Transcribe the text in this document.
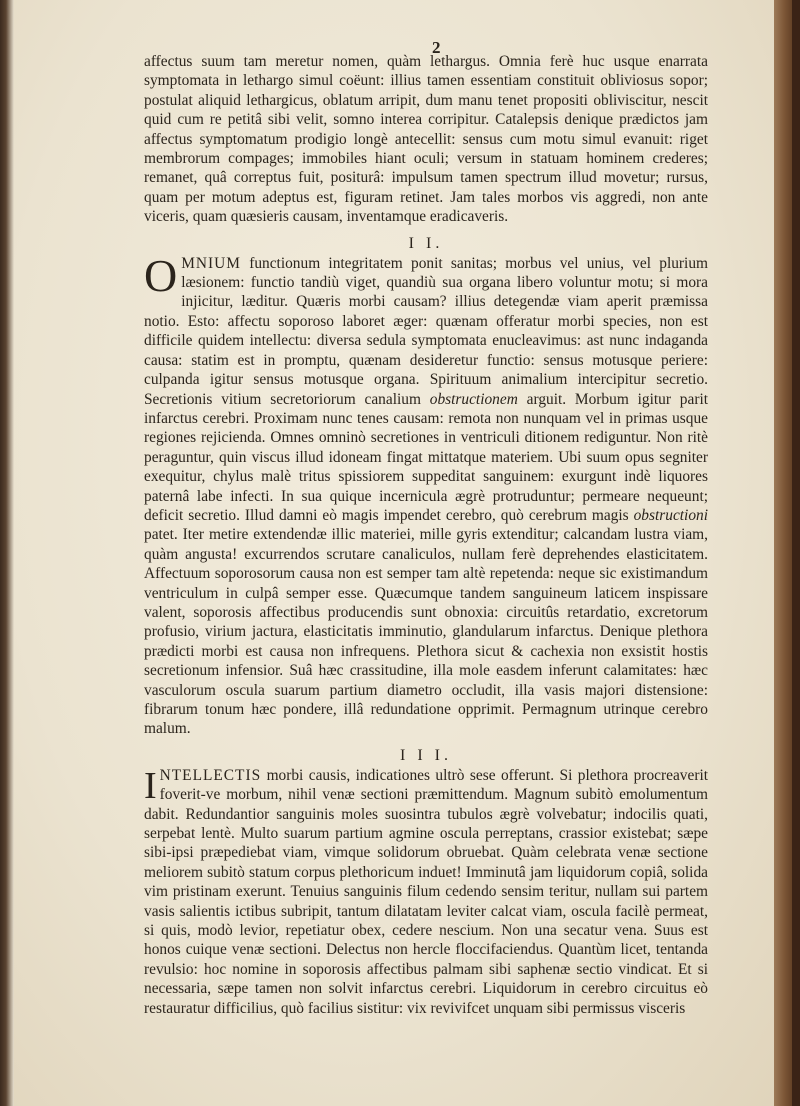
2

affectus suum tam meretur nomen, quàm lethargus. Omnia ferè huc usque enarrata symptomata in lethargo simul coëunt: illius tamen essentiam constituit obliviosus sopor; postulat aliquid lethargicus, oblatum arripit, dum manu tenet propositi obliviscitur, nescit quid cum re petitâ sibi velit, somno interea corripitur. Catalepsis denique prædictos jam affectus symptomatum prodigio longè antecellit: sensus cum motu simul evanuit: riget membrorum compages; immobiles hiant oculi; versum in statuam hominem crederes; remanet, quâ correptus fuit, positurâ: impulsum tamen spectrum illud movetur; rursus, quam per motum adeptus est, figuram retinet. Jam tales morbos vis aggredi, non ante viceris, quam quæsieris causam, inventamque eradicaveris.

I I.

OMNIUM functionum integritatem ponit sanitas; morbus vel unius, vel plurium læsionem: functio tandiù viget, quandiù sua organa libero voluntur motu; si mora injicitur, læditur. Quæris morbi causam? illius detegendæ viam aperit præmissa notio. Esto: affectu soporoso laboret æger: quænam offeratur morbi species, non est difficile quidem intellectu: diversa sedula symptomata enucleavimus: ast nunc indaganda causa: statim est in promptu, quænam desideretur functio: sensus motusque periere: culpanda igitur sensus motusque organa. Spirituum animalium intercipitur secretio. Secretionis vitium secretoriorum canalium obstructionem arguit. Morbum igitur parit infarctus cerebri. Proximam nunc tenes causam: remota non nunquam vel in primas usque regiones rejicienda. Omnes omninò secretiones in ventriculi ditionem rediguntur. Non ritè peraguntur, quin viscus illud idoneam fingat mittatque materiem. Ubi suum opus segniter exequitur, chylus malè tritus spissiorem suppeditat sanguinem: exurgunt indè liquores paternâ labe infecti. In sua quique incernicula ægrè protruduntur; permeare nequeunt; deficit secretio. Illud damni eò magis impendet cerebro, quò cerebrum magis obstructioni patet. Iter metire extendendæ illic materiei, mille gyris extenditur; calcandam lustra viam, quàm angusta! excurrendos scrutare canaliculos, nullam ferè deprehendes elasticitatem. Affectuum soporosorum causa non est semper tam altè repetenda: neque sic existimandum ventriculum in culpâ semper esse. Quæcumque tandem sanguineum laticem inspissare valent, soporosis affectibus producendis sunt obnoxia: circuitûs retardatio, excretorum profusio, virium jactura, elasticitatis imminutio, glandularum infarctus. Denique plethora prædicti morbi est causa non infrequens. Plethora sicut & cachexia non exsistit hostis secretionum infensior. Suâ hæc crassitudine, illa mole easdem inferunt calamitates: hæc vasculorum oscula suarum partium diametro occludit, illa vasis majori distensione: fibrarum tonum hæc pondere, illâ redundatione opprimit. Permagnum utrinque cerebro malum.

I I I.

INTELLECTIS morbi causis, indicationes ultrò sese offerunt. Si plethora procreaverit foverit-ve morbum, nihil venæ sectioni præmittendum. Magnum subitò emolumentum dabit. Redundantior sanguinis moles suosintra tubulos ægrè volvebatur; indocilis quati, serpebat lentè. Multo suarum partium agmine oscula perreptans, crassior existebat; sæpe sibi-ipsi præpediebat viam, vimque solidorum obruebat. Quàm celebrata venæ sectione meliorem subitò statum corpus plethoricum induet! Imminutâ jam liquidorum copiâ, solida vim pristinam exerunt. Tenuius sanguinis filum cedendo sensim teritur, nullam sui partem vasis salientis ictibus subripit, tantum dilatatam leviter calcat viam, oscula facilè permeat, si quis, modò levior, repetiatur obex, cedere nescium. Non una secatur vena. Suus est honos cuique venæ sectioni. Delectus non hercle floccifaciendus. Quantùm licet, tentanda revulsio: hoc nomine in soporosis affectibus palmam sibi saphenæ sectio vindicat. Et si necessaria, sæpe tamen non solvit infarctus cerebri. Liquidorum in cerebro circuitus eò restauratur difficilius, quò facilius sistitur: vix revivifcet unquam sibi permissus visceris
